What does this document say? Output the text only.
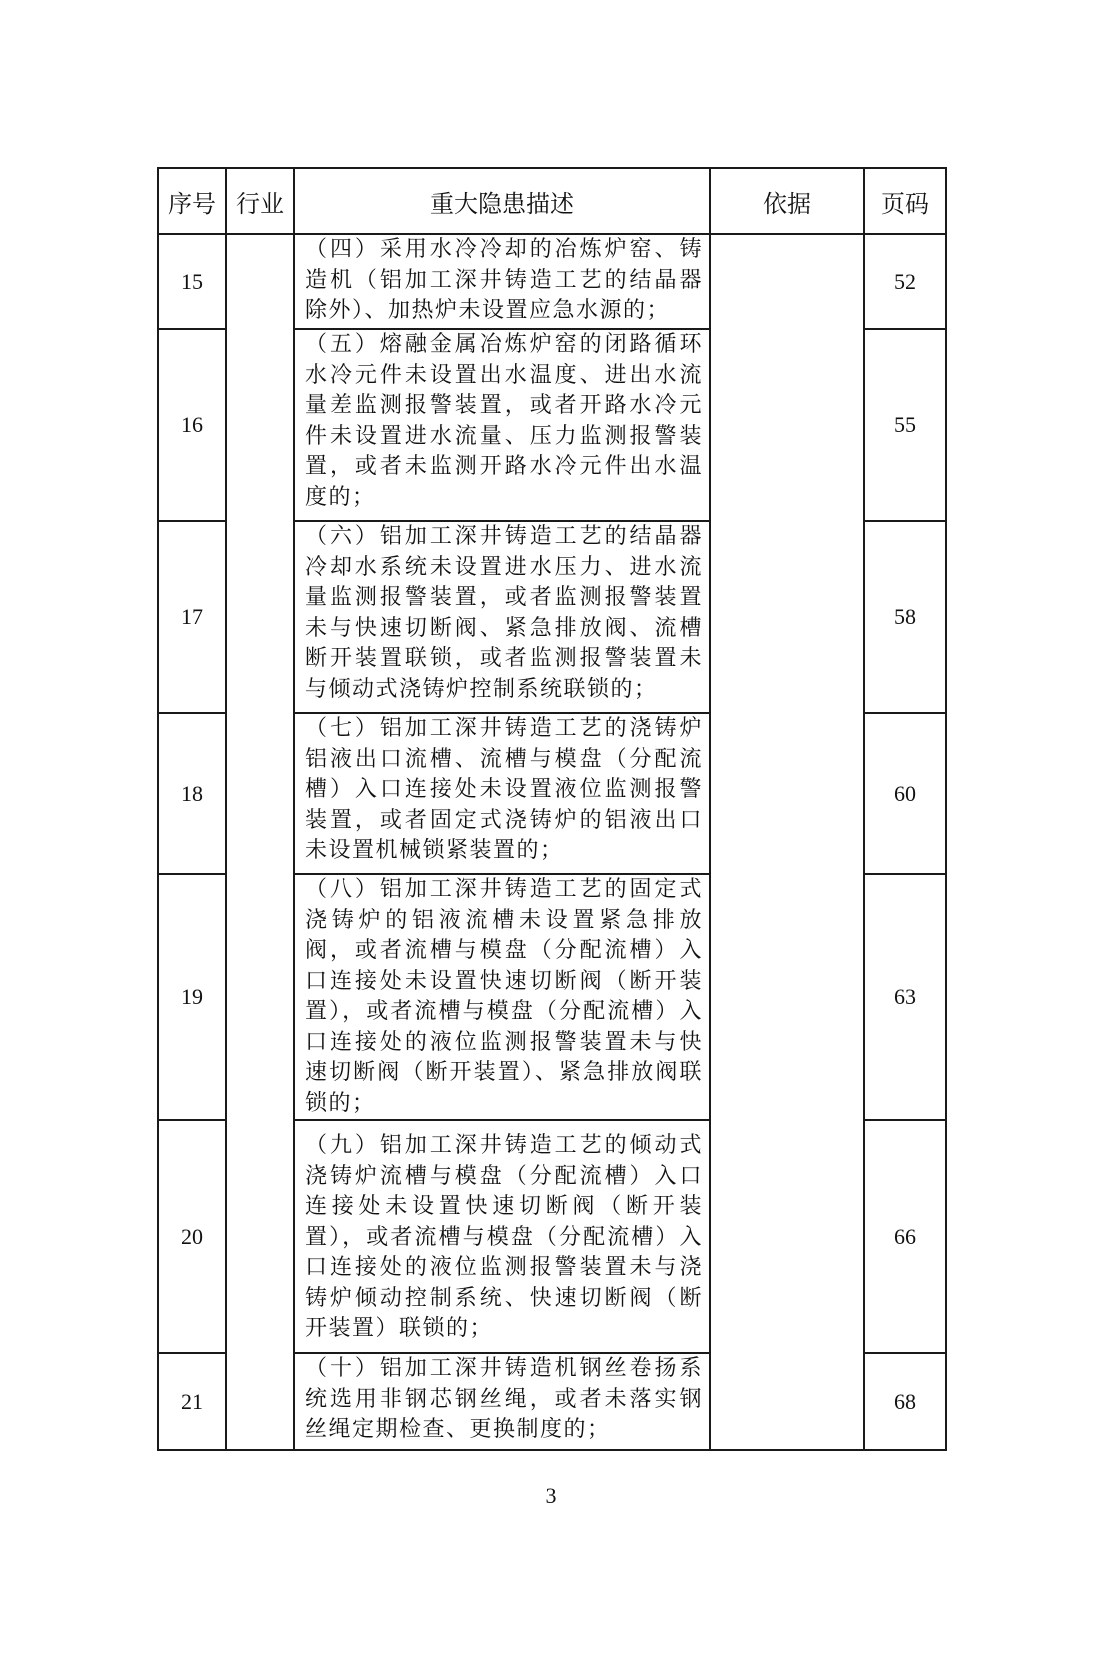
序号	行业	重大隐患描述	依据	页码
15		（四）采用水冷冷却的冶炼炉窑、铸造机（铝加工深井铸造工艺的结晶器除外）、加热炉未设置应急水源的；		52
16		（五）熔融金属冶炼炉窑的闭路循环水冷元件未设置出水温度、进出水流量差监测报警装置，或者开路水冷元件未设置进水流量、压力监测报警装置，或者未监测开路水冷元件出水温度的；		55
17		（六）铝加工深井铸造工艺的结晶器冷却水系统未设置进水压力、进水流量监测报警装置，或者监测报警装置未与快速切断阀、紧急排放阀、流槽断开装置联锁，或者监测报警装置未与倾动式浇铸炉控制系统联锁的；		58
18		（七）铝加工深井铸造工艺的浇铸炉铝液出口流槽、流槽与模盘（分配流槽）入口连接处未设置液位监测报警装置，或者固定式浇铸炉的铝液出口未设置机械锁紧装置的；		60
19		（八）铝加工深井铸造工艺的固定式浇铸炉的铝液流槽未设置紧急排放阀，或者流槽与模盘（分配流槽）入口连接处未设置快速切断阀（断开装置），或者流槽与模盘（分配流槽）入口连接处的液位监测报警装置未与快速切断阀（断开装置）、紧急排放阀联锁的；		63
20		（九）铝加工深井铸造工艺的倾动式浇铸炉流槽与模盘（分配流槽）入口连接处未设置快速切断阀（断开装置），或者流槽与模盘（分配流槽）入口连接处的液位监测报警装置未与浇铸炉倾动控制系统、快速切断阀（断开装置）联锁的；		66
21		（十）铝加工深井铸造机钢丝卷扬系统选用非钢芯钢丝绳，或者未落实钢丝绳定期检查、更换制度的；		68
3
